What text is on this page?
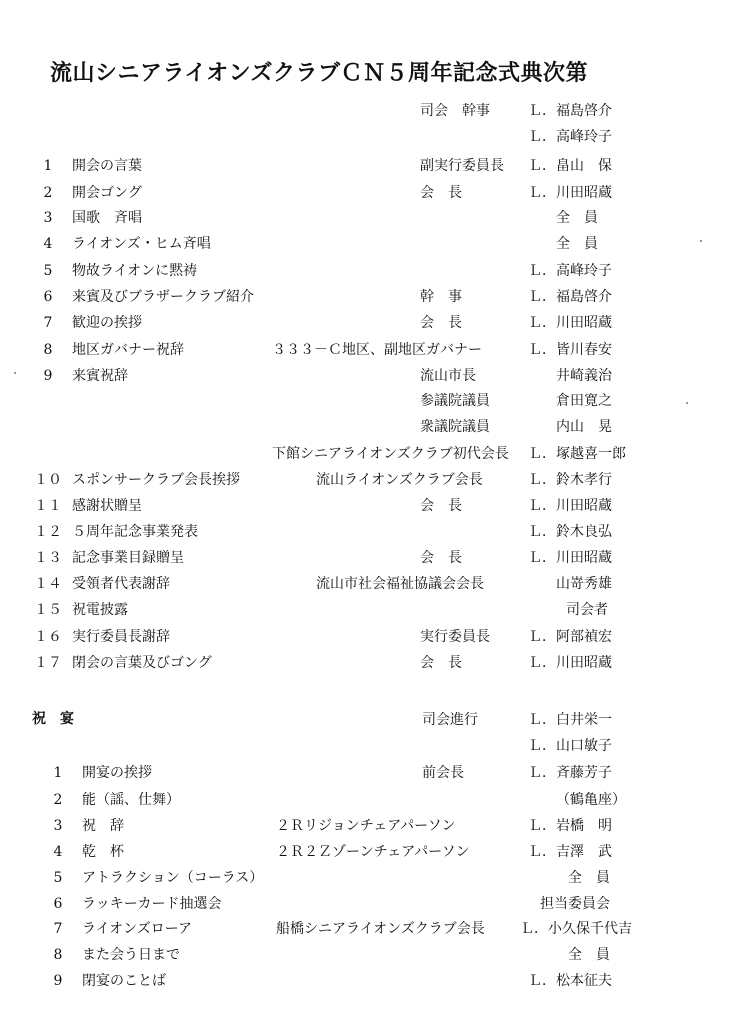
流山シニアライオンズクラブＣＮ５周年記念式典次第
司会　幹事	Ｌ．福島啓介
Ｌ．高峰玲子
1	開会の言葉	副実行委員長 Ｌ．畠山　保
2	開会ゴング	会　長	Ｌ．川田昭蔵
3	国歌　斉唱	全　員
4	ライオンズ・ヒム斉唱	全　員
5	物故ライオンに黙祷	Ｌ．高峰玲子
6	来賓及びブラザークラブ紹介	幹　事	Ｌ．福島啓介
7	歓迎の挨拶	会　長	Ｌ．川田昭蔵
8	地区ガバナー祝辞	３３３－Ｃ地区、副地区ガバナー	Ｌ．皆川春安
9	来賓祝辞	流山市長	井崎義治
参議院議員	倉田寛之
衆議院議員	内山　晃
下館シニアライオンズクラブ初代会長 Ｌ．塚越喜一郎
１０ スポンサークラブ会長挨拶	流山ライオンズクラブ会長	Ｌ．鈴木孝行
１１ 感謝状贈呈	会　長	Ｌ．川田昭蔵
１２ ５周年記念事業発表	Ｌ．鈴木良弘
１３ 記念事業目録贈呈	会　長	Ｌ．川田昭蔵
１４ 受領者代表謝辞	流山市社会福祉協議会会長	山嵜秀雄
１５ 祝電披露	司会者
１６ 実行委員長謝辞	実行委員長	Ｌ．阿部禎宏
１７ 閉会の言葉及びゴング	会　長	Ｌ．川田昭蔵
祝　宴	司会進行	Ｌ．白井栄一
Ｌ．山口敏子
1	開宴の挨拶	前会長	Ｌ．斉藤芳子
2	能（謡、仕舞）	（鶴亀座）
3	祝　辞	２Ｒリジョンチェアパーソン	Ｌ．岩橋　明
4	乾　杯	２Ｒ２Ｚゾーンチェアパーソン	Ｌ．吉澤　武
5	アトラクション（コーラス）	全　員
6	ラッキーカード抽選会	担当委員会
7	ライオンズローア	船橋シニアライオンズクラブ会長	Ｌ．小久保千代吉
8	また会う日まで	全　員
9	閉宴のことば	Ｌ．松本征夫
